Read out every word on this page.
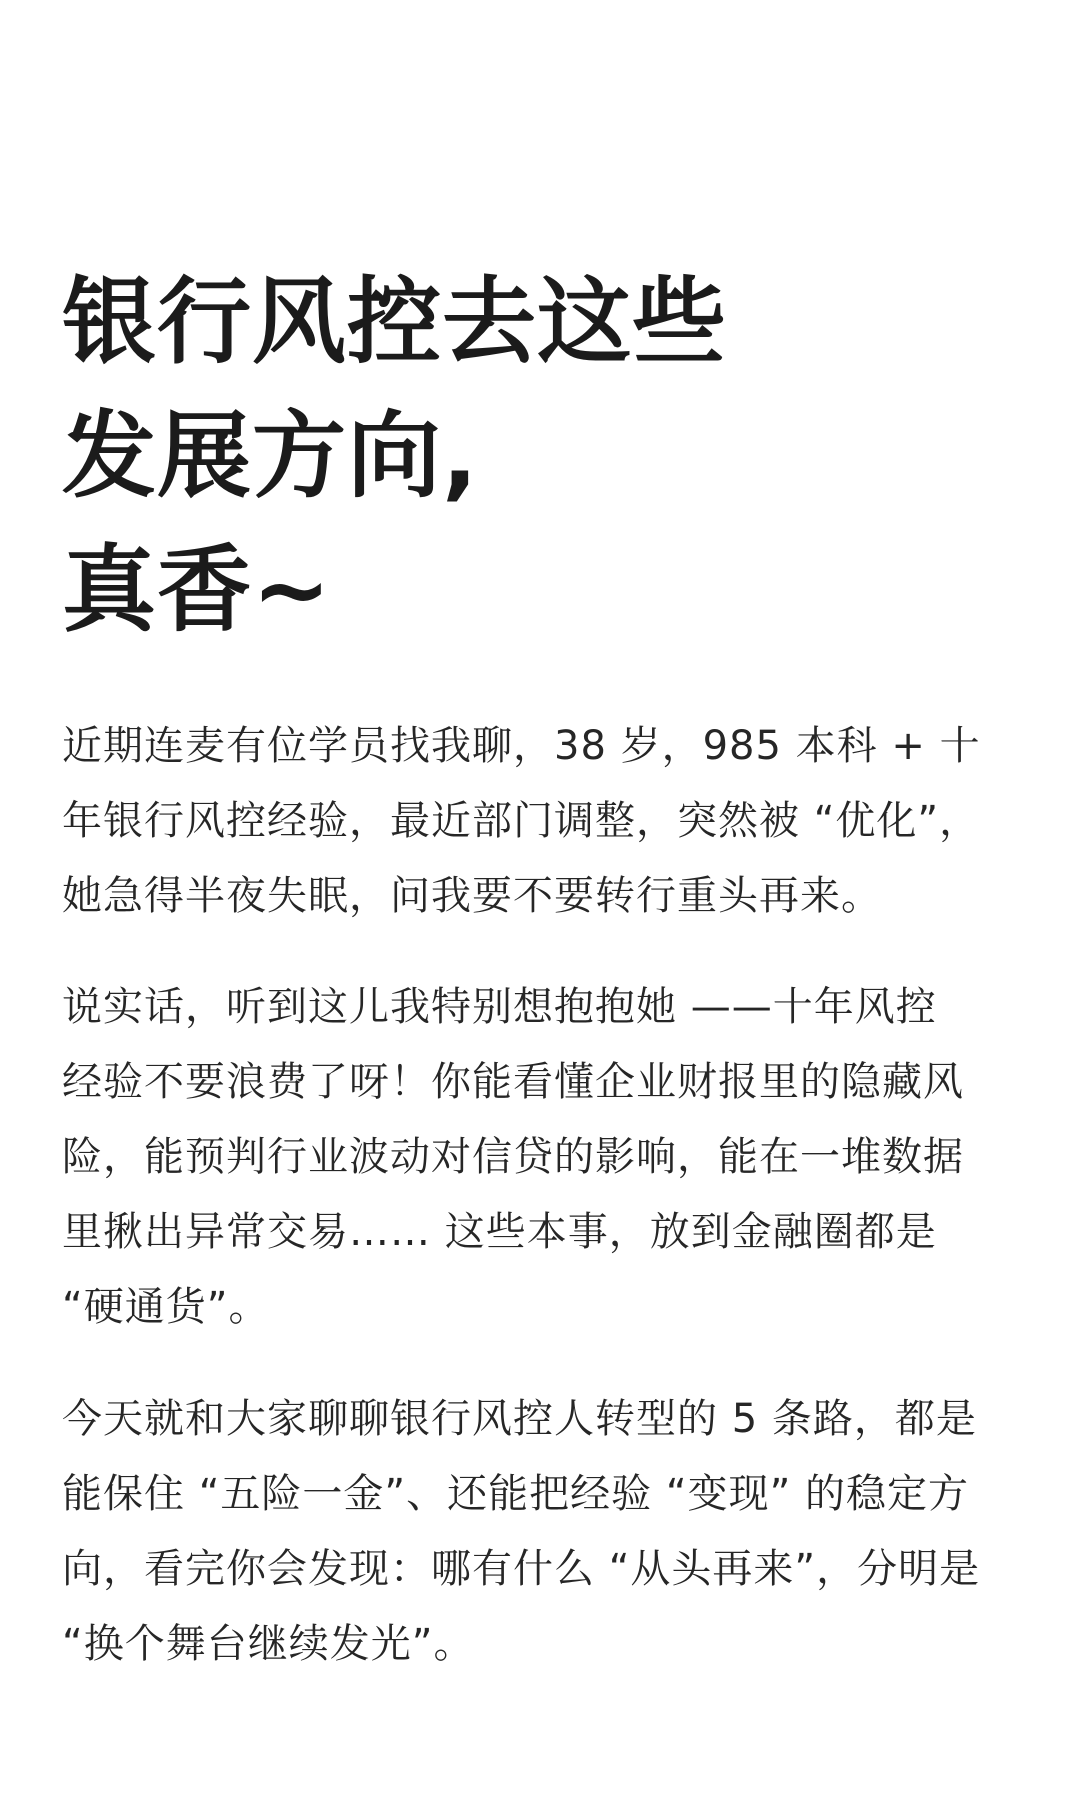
银行风控去这些
发展方向,
真香~
近期连麦有位学员找我聊，38 岁，985 本科 + 十
年银行风控经验，最近部门调整，突然被 “优化”，
她急得半夜失眠，问我要不要转行重头再来。
说实话，听到这儿我特别想抱抱她 ——十年风控
经验不要浪费了呀！你能看懂企业财报里的隐藏风
险，能预判行业波动对信贷的影响，能在一堆数据
里揪出异常交易…… 这些本事，放到金融圈都是
“硬通货”。
今天就和大家聊聊银行风控人转型的 5 条路，都是
能保住 “五险一金”、还能把经验 “变现” 的稳定方
向，看完你会发现：哪有什么 “从头再来”，分明是
“换个舞台继续发光”。
